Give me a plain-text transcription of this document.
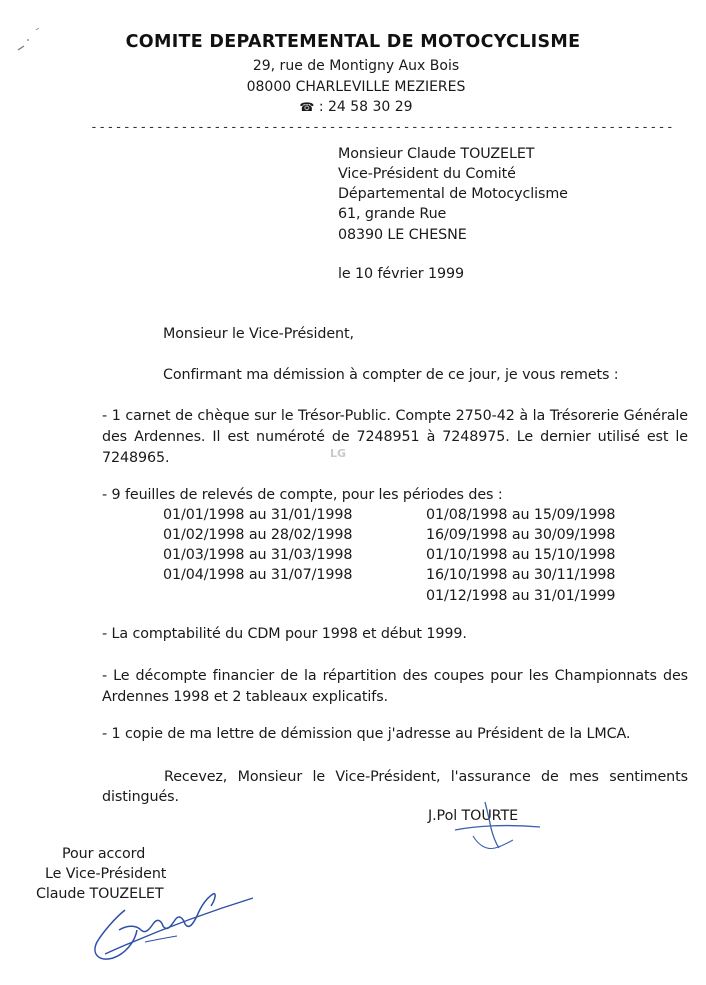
COMITE DEPARTEMENTAL DE MOTOCYCLISME
29, rue de Montigny Aux Bois
08000 CHARLEVILLE MEZIERES
☎ : 24 58 30 29
-----------------------------------------------------------------------
Monsieur Claude TOUZELET
Vice-Président du Comité
Départemental de Motocyclisme
61, grande Rue
08390 LE CHESNE
le 10 février 1999
Monsieur le Vice-Président,
Confirmant ma démission à compter de ce jour, je vous remets :
- 1 carnet de chèque sur le Trésor-Public. Compte 2750-42 à la Trésorerie Générale des Ardennes. Il est numéroté de 7248951 à 7248975. Le dernier utilisé est le 7248965.
- 9 feuilles de relevés de compte, pour les périodes des :
01/01/1998 au 31/01/1998
01/02/1998 au 28/02/1998
01/03/1998 au 31/03/1998
01/04/1998 au 31/07/1998
01/08/1998 au 15/09/1998
16/09/1998 au 30/09/1998
01/10/1998 au 15/10/1998
16/10/1998 au 30/11/1998
01/12/1998 au 31/01/1999
LG
- La comptabilité du CDM pour 1998 et début 1999.
- Le décompte financier de la répartition des coupes pour les Championnats des Ardennes 1998 et 2 tableaux explicatifs.
- 1 copie de ma lettre de démission que j'adresse au Président de la LMCA.
Recevez, Monsieur le Vice-Président, l'assurance de mes sentiments distingués.
J.Pol TOURTE
Pour accord
Le Vice-Président
Claude TOUZELET
